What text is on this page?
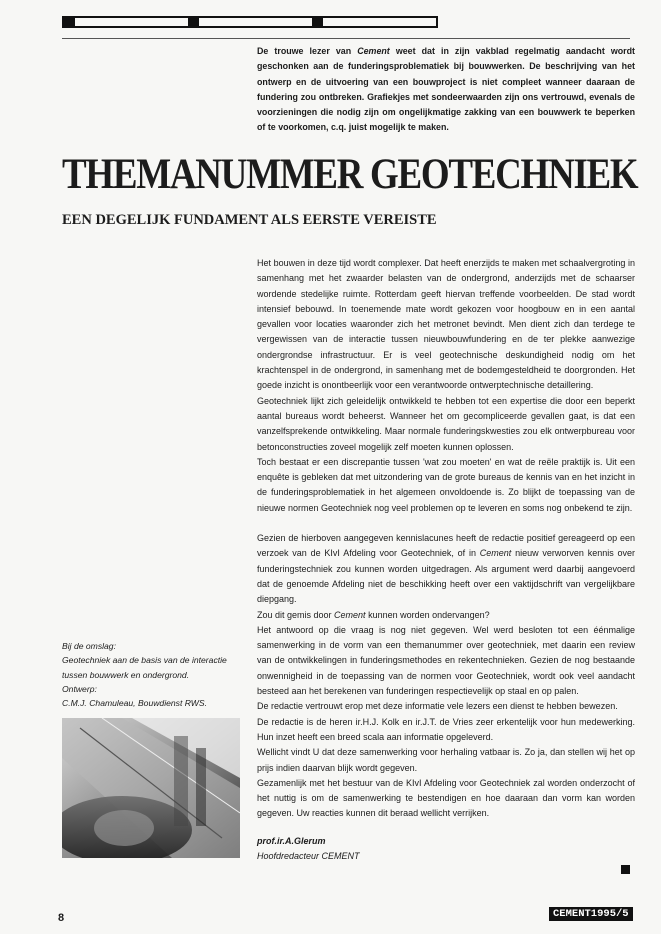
De trouwe lezer van Cement weet dat in zijn vakblad regelmatig aandacht wordt geschonken aan de funderingsproblematiek bij bouwwerken. De beschrijving van het ontwerp en de uitvoering van een bouwproject is niet compleet wanneer daaraan de fundering zou ontbreken. Grafiekjes met sondeerwaarden zijn ons vertrouwd, evenals de voorzieningen die nodig zijn om ongelijkmatige zakking van een bouwwerk te beperken of te voorkomen, c.q. juist mogelijk te maken.

THEMANUMMER GEOTECHNIEK
EEN DEGELIJK FUNDAMENT ALS EERSTE VEREISTE

Het bouwen in deze tijd wordt complexer. Dat heeft enerzijds te maken met schaalvergroting in samenhang met het zwaarder belasten van de ondergrond, anderzijds met de schaarser wordende stedelijke ruimte. Rotterdam geeft hiervan treffende voorbeelden. De stad wordt intensief bebouwd. In toenemende mate wordt gekozen voor hoogbouw en in een aantal gevallen voor locaties waaronder zich het metronet bevindt. Men dient zich dan terdege te vergewissen van de interactie tussen nieuwbouwfundering en de ter plekke aanwezige ondergrondse infrastructuur. Er is veel geotechnische deskundigheid nodig om het krachtenspel in de ondergrond, in samenhang met de bodemgesteldheid te doorgronden. Het goede inzicht is onontbeerlijk voor een verantwoorde ontwerptechnische detaillering.

Geotechniek lijkt zich geleidelijk ontwikkeld te hebben tot een expertise die door een beperkt aantal bureaus wordt beheerst. Wanneer het om gecompliceerde gevallen gaat, is dat een vanzelfsprekende ontwikkeling. Maar normale funderingskwesties zou elk ontwerpbureau voor betonconstructies zoveel mogelijk zelf moeten kunnen oplossen.

Toch bestaat er een discrepantie tussen 'wat zou moeten' en wat de reële praktijk is. Uit een enquête is gebleken dat met uitzondering van de grote bureaus de kennis van en het inzicht in de funderingsproblematiek in het algemeen onvoldoende is. Zo blijkt de toepassing van de nieuwe normen Geotechniek nog veel problemen op te leveren en soms nog onbekend te zijn.

Gezien de hierboven aangegeven kennislacunes heeft de redactie positief gereageerd op een verzoek van de KIvI Afdeling voor Geotechniek, of in Cement nieuw verworven kennis over funderingstechniek zou kunnen worden uitgedragen. Als argument werd daarbij aangevoerd dat de genoemde Afdeling niet de beschikking heeft over een vaktijdschrift van vergelijkbare diepgang.

Zou dit gemis door Cement kunnen worden ondervangen?

Het antwoord op die vraag is nog niet gegeven. Wel werd besloten tot een éénmalige samenwerking in de vorm van een themanummer over geotechniek, met daarin een review van de ontwikkelingen in funderingsmethodes en rekentechnieken. Gezien de nog bestaande onwennigheid in de toepassing van de normen voor Geotechniek, wordt ook veel aandacht besteed aan het berekenen van funderingen respectievelijk op staal en op palen.

De redactie vertrouwt erop met deze informatie vele lezers een dienst te hebben bewezen.

De redactie is de heren ir.H.J. Kolk en ir.J.T. de Vries zeer erkentelijk voor hun medewerking. Hun inzet heeft een breed scala aan informatie opgeleverd.

Wellicht vindt U dat deze samenwerking voor herhaling vatbaar is. Zo ja, dan stellen wij het op prijs indien daarvan blijk wordt gegeven.

Gezamenlijk met het bestuur van de KIvI Afdeling voor Geotechniek zal worden onderzocht of het nuttig is om de samenwerking te bestendigen en hoe daaraan dan vorm kan worden gegeven. Uw reacties kunnen dit beraad wellicht verrijken.

prof.ir.A.Glerum
Hoofdredacteur CEMENT
Bij de omslag:
Geotechniek aan de basis van de interactie
tussen bouwwerk en ondergrond.
Ontwerp:
C.M.J. Chamuleau, Bouwdienst RWS.
8	CEMENT1995/5
